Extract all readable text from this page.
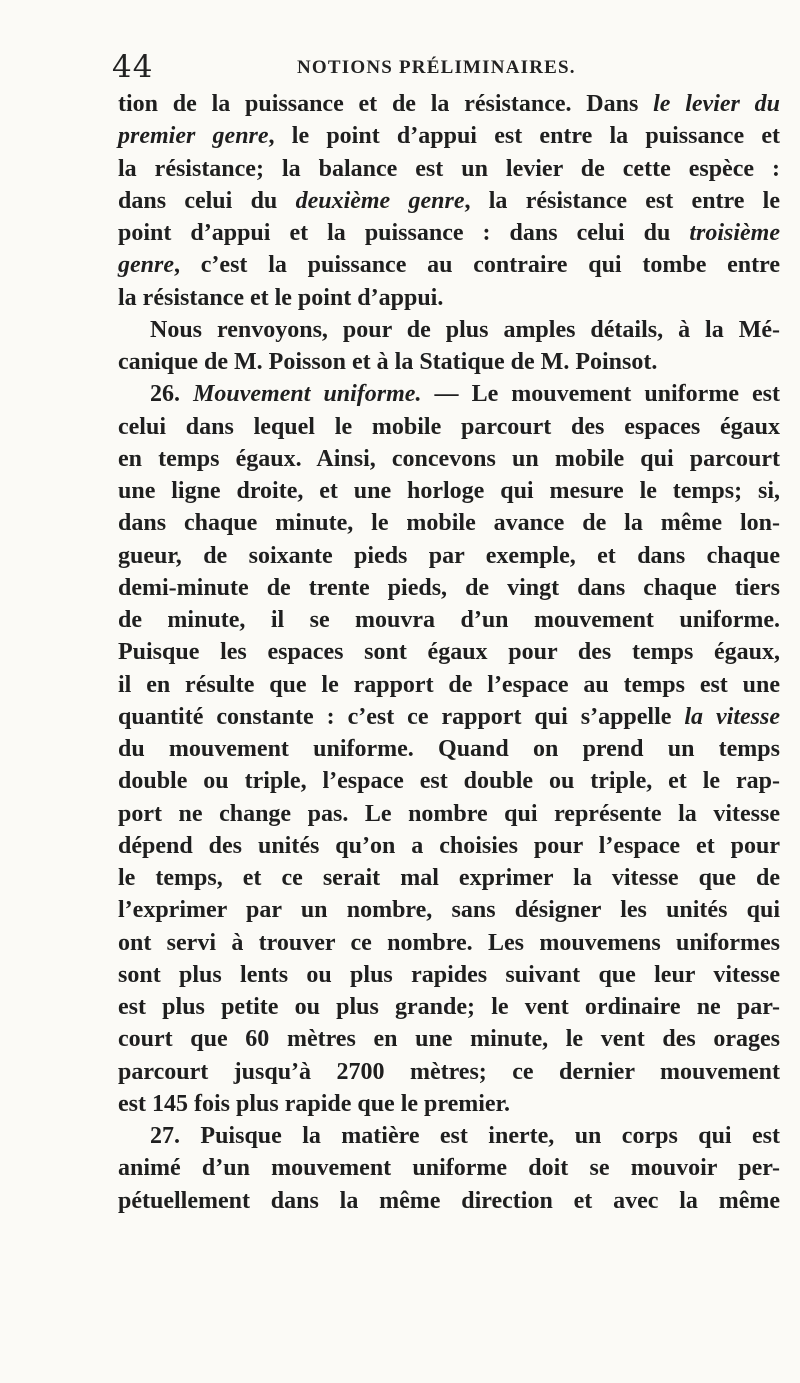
44	NOTIONS PRÉLIMINAIRES.
tion de la puissance et de la résistance. Dans le levier du
premier genre, le point d’appui est entre la puissance et
la résistance; la balance est un levier de cette espèce :
dans celui du deuxième genre, la résistance est entre le
point d’appui et la puissance : dans celui du troisième
genre, c’est la puissance au contraire qui tombe entre
la résistance et le point d’appui.
Nous renvoyons, pour de plus amples détails, à la Mé-
canique de M. Poisson et à la Statique de M. Poinsot.
26. Mouvement uniforme. — Le mouvement uniforme est
celui dans lequel le mobile parcourt des espaces égaux
en temps égaux. Ainsi, concevons un mobile qui parcourt
une ligne droite, et une horloge qui mesure le temps; si,
dans chaque minute, le mobile avance de la même lon-
gueur, de soixante pieds par exemple, et dans chaque
demi-minute de trente pieds, de vingt dans chaque tiers
de minute, il se mouvra d’un mouvement uniforme.
Puisque les espaces sont égaux pour des temps égaux,
il en résulte que le rapport de l’espace au temps est une
quantité constante : c’est ce rapport qui s’appelle la vitesse
du mouvement uniforme. Quand on prend un temps
double ou triple, l’espace est double ou triple, et le rap-
port ne change pas. Le nombre qui représente la vitesse
dépend des unités qu’on a choisies pour l’espace et pour
le temps, et ce serait mal exprimer la vitesse que de
l’exprimer par un nombre, sans désigner les unités qui
ont servi à trouver ce nombre. Les mouvemens uniformes
sont plus lents ou plus rapides suivant que leur vitesse
est plus petite ou plus grande; le vent ordinaire ne par-
court que 60 mètres en une minute, le vent des orages
parcourt jusqu’à 2700 mètres; ce dernier mouvement
est 145 fois plus rapide que le premier.
27. Puisque la matière est inerte, un corps qui est
animé d’un mouvement uniforme doit se mouvoir per-
pétuellement dans la même direction et avec la même
